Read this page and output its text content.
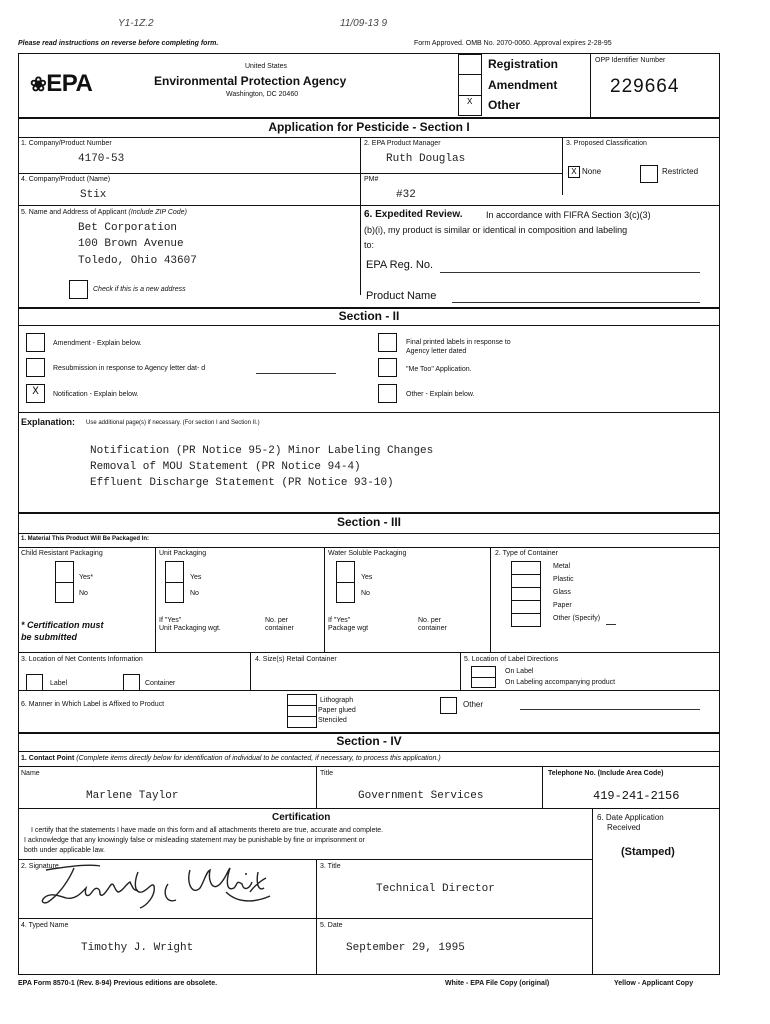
Y1-1Z.2	11/09-13 9
Please read instructions on reverse before completing form.	Form Approved. OMB No. 2070-0060. Approval expires 2-28-95
❀EPA
United States
Environmental Protection Agency
Washington, DC 20460
X
Registration
Amendment
Other
OPP Identifier Number
229664
Application for Pesticide - Section I
1. Company/Product Number
4170-53
2. EPA Product Manager
Ruth Douglas
3. Proposed Classification
X None	Restricted
4. Company/Product (Name)
Stix
PM#
#32
5. Name and Address of Applicant (Include ZIP Code)
Bet Corporation
100 Brown Avenue
Toledo, Ohio 43607
Check if this is a new address
6. Expedited Review.	In accordance with FIFRA Section 3(c)(3)
(b)(i), my product is similar or identical in composition and labeling
to:
EPA Reg. No.
Product Name
Section - II
Amendment - Explain below.
Resubmission in response to Agency letter dat- d
X	Notification - Explain below.
Final printed labels in response to
Agency letter dated
"Me Too" Application.
Other - Explain below.
Explanation: Use additional page(s) if necessary. (For section I and Section II.)
Notification (PR Notice 95-2) Minor Labeling Changes
Removal of MOU Statement (PR Notice 94-4)
Effluent Discharge Statement (PR Notice 93-10)
Section - III
1. Material This Product Will Be Packaged In:
Child Resistant Packaging
Yes*
No
* Certification must
be submitted
Unit Packaging
Yes
No
If "Yes"
Unit Packaging wgt.
No. per
container
Water Soluble Packaging
Yes
No
If "Yes"
Package wgt
No. per
container
2. Type of Container
Metal
Plastic
Glass
Paper
Other (Specify)
3. Location of Net Contents Information
Label	Container
4. Size(s) Retail Container	5. Location of Label Directions
On Label
On Labeling accompanying product
6. Manner in Which Label is Affixed to Product
Lithograph
Paper glued
Stenciled
Other
Section - IV
1. Contact Point (Complete items directly below for identification of individual to be contacted, if necessary, to process this application.)
Name
Marlene Taylor
Title
Government Services
Telephone No. (Include Area Code)
419-241-2156
Certification
I certify that the statements I have made on this form and all attachments thereto are true, accurate and complete.
I acknowledge that any knowingly false or misleading statement may be punishable by fine or imprisonment or
both under applicable law.
6. Date Application
Received
(Stamped)
2. Signature	3. Title
Technical Director
4. Typed Name
Timothy J. Wright
5. Date
September 29, 1995
EPA Form 8570-1 (Rev. 8-94) Previous editions are obsolete.	White - EPA File Copy (original)	Yellow - Applicant Copy
